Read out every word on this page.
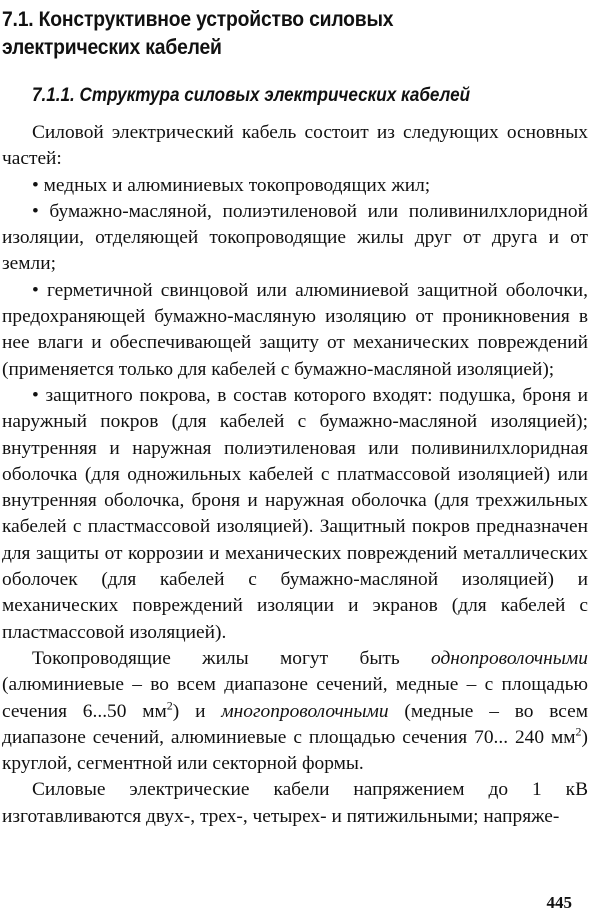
7.1. Конструктивное устройство силовых
электрических кабелей
7.1.1. Структура силовых электрических кабелей

Силовой электрический кабель состоит из следующих основных частей:

• медных и алюминиевых токопроводящих жил;

• бумажно-масляной, полиэтиленовой или поливинилхлоридной изоляции, отделяющей токопроводящие жилы друг от друга и от земли;

• герметичной свинцовой или алюминиевой защитной оболочки, предохраняющей бумажно-масляную изоляцию от проникновения в нее влаги и обеспечивающей защиту от механических повреждений (применяется только для кабелей с бумажно-масляной изоляцией);

• защитного покрова, в состав которого входят: подушка, броня и наружный покров (для кабелей с бумажно-масляной изоляцией); внутренняя и наружная полиэтиленовая или поливинилхлоридная оболочка (для одножильных кабелей с платмассовой изоляцией) или внутренняя оболочка, броня и наружная оболочка (для трехжильных кабелей с пластмассовой изоляцией). Защитный покров предназначен для защиты от коррозии и механических повреждений металлических оболочек (для кабелей с бумажно-масляной изоляцией) и механических повреждений изоляции и экранов (для кабелей с пластмассовой изоляцией).

Токопроводящие жилы могут быть однопроволочными (алюминиевые – во всем диапазоне сечений, медные – с площадью сечения 6...50 $мм^2$) и многопроволочными (медные – во всем диапазоне сечений, алюминиевые с площадью сечения 70... 240 $мм^2$) круглой, сегментной или секторной формы.

Силовые электрические кабели напряжением до 1 кВ изготавливаются двух-, трех-, четырех- и пятижильными; напряже-

445
